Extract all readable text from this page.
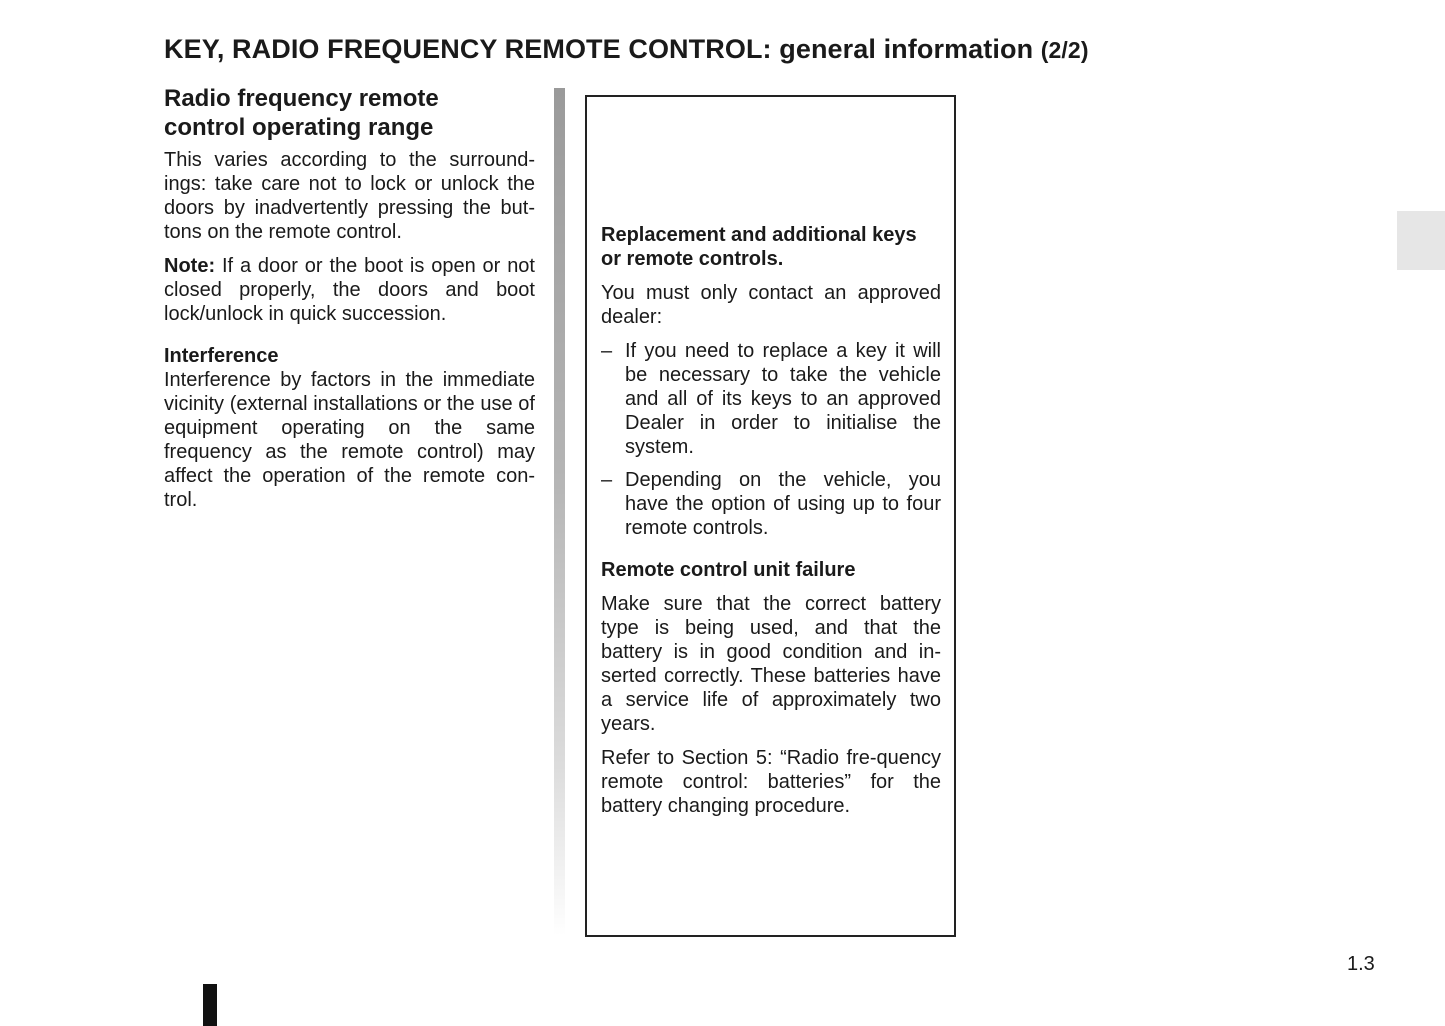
KEY, RADIO FREQUENCY REMOTE CONTROL: general information (2/2)
Radio frequency remote control operating range

This varies according to the surround-ings: take care not to lock or unlock the doors by inadvertently pressing the but-tons on the remote control.

Note: If a door or the boot is open or not closed properly, the doors and boot lock/unlock in quick succession.

Interference

Interference by factors in the immediate vicinity (external installations or the use of equipment operating on the same frequency as the remote control) may affect the operation of the remote con-trol.

Replacement and additional keys or remote controls.

You must only contact an approved dealer:

– If you need to replace a key it will be necessary to take the vehicle and all of its keys to an approved Dealer in order to initialise the system.
– Depending on the vehicle, you have the option of using up to four remote controls.
Remote control unit failure

Make sure that the correct battery type is being used, and that the battery is in good condition and in-serted correctly. These batteries have a service life of approximately two years.

Refer to Section 5: “Radio fre-quency remote control: batteries” for the battery changing procedure.

1.3
